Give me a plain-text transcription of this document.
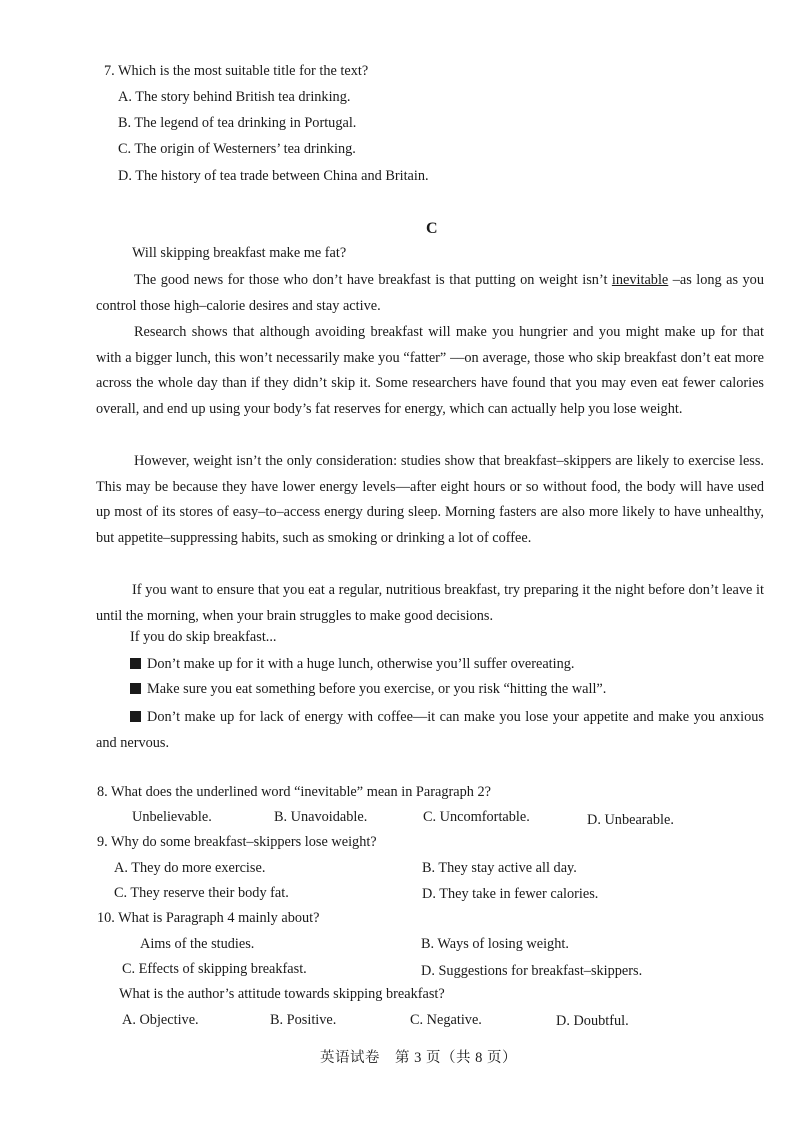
7. Which is the most suitable title for the text?
A. The story behind British tea drinking.
B. The legend of tea drinking in Portugal.
C. The origin of Westerners’ tea drinking.
D. The history of tea trade between China and Britain.
C
Will skipping breakfast make me fat?
The good news for those who don’t have breakfast is that putting on weight isn’t inevitable –as long as you control those high–calorie desires and stay active.
Research shows that although avoiding breakfast will make you hungrier and you might make up for that with a bigger lunch, this won’t necessarily make you “fatter” ––on average, those who skip breakfast don’t eat more across the whole day than if they didn’t skip it. Some researchers have found that you may even eat fewer calories overall, and end up using your body’s fat reserves for energy, which can actually help you lose weight.
However, weight isn’t the only consideration: studies show that breakfast–skippers are likely to exercise less. This may be because they have lower energy levels—after eight hours or so without food, the body will have used up most of its stores of easy–to–access energy during sleep. Morning fasters are also more likely to have unhealthy, but appetite–suppressing habits, such as smoking or drinking a lot of coffee.
If you want to ensure that you eat a regular, nutritious breakfast, try preparing it the night before don’t leave it until the morning, when your brain struggles to make good decisions.
If you do skip breakfast...
Don’t make up for it with a huge lunch, otherwise you’ll suffer overeating.
Make sure you eat something before you exercise, or you risk “hitting the wall”.
Don’t make up for lack of energy with coffee—it can make you lose your appetite and make you anxious and nervous.
8. What does the underlined word “inevitable” mean in Paragraph 2?
Unbelievable.	B. Unavoidable.	C. Uncomfortable.	D. Unbearable.
9. Why do some breakfast–skippers lose weight?
A. They do more exercise.	B. They stay active all day.
C. They reserve their body fat.	D. They take in fewer calories.
10. What is Paragraph 4 mainly about?
Aims of the studies.	B. Ways of losing weight.
C. Effects of skipping breakfast.	D. Suggestions for breakfast–skippers.
What is the author’s attitude towards skipping breakfast?
A. Objective.	B. Positive.	C. Negative.	D. Doubtful.
英语试卷　第 3 页（共 8 页）
